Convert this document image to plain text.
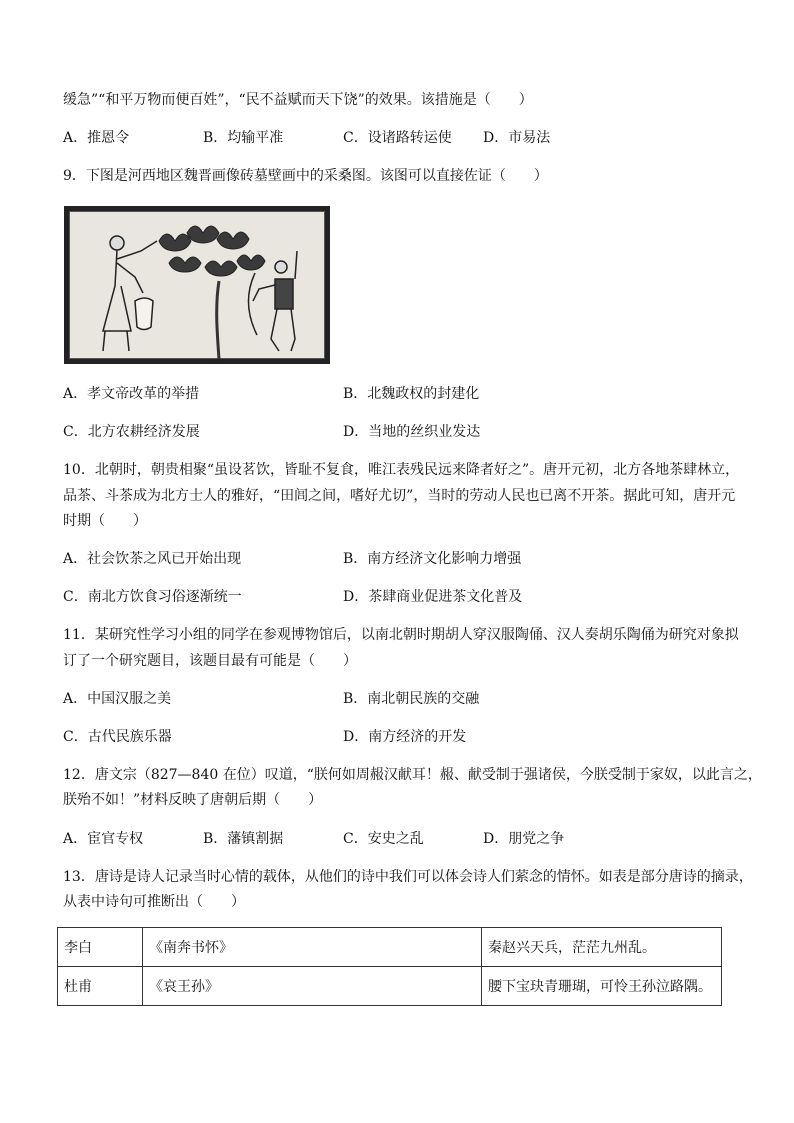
缓急”“和平万物而便百姓”，“民不益赋而天下饶”的效果。该措施是（　　）
A．推恩令	B．均输平准	C．设诸路转运使 D．市易法
9．下图是河西地区魏晋画像砖墓壁画中的采桑图。该图可以直接佐证（　　）
A．孝文帝改革的举措	B．北魏政权的封建化
C．北方农耕经济发展	D．当地的丝织业发达
10．北朝时，朝贵相聚“虽设茗饮，皆耻不复食，唯江表残民远来降者好之”。唐开元初，北方各地茶肆林立，
品茶、斗茶成为北方士人的雅好，“田闾之间，嗜好尤切”，当时的劳动人民也已离不开茶。据此可知，唐开元
时期（　　）
A．社会饮茶之风已开始出现	B．南方经济文化影响力增强
C．南北方饮食习俗逐渐统一	D．茶肆商业促进茶文化普及
11．某研究性学习小组的同学在参观博物馆后，以南北朝时期胡人穿汉服陶俑、汉人奏胡乐陶俑为研究对象拟
订了一个研究题目，该题目最有可能是（　　）
A．中国汉服之美	B．南北朝民族的交融
C．古代民族乐器	D．南方经济的开发
12．唐文宗（827—840 在位）叹道，“朕何如周赧汉献耳！赧、献受制于强诸侯，今朕受制于家奴，以此言之，
朕殆不如！”材料反映了唐朝后期（　　）
A．宦官专权	B．藩镇割据	C．安史之乱	D．朋党之争
13．唐诗是诗人记录当时心情的载体，从他们的诗中我们可以体会诗人们萦念的情怀。如表是部分唐诗的摘录，
从表中诗句可推断出（　　）
李白	《南奔书怀》	秦赵兴天兵，茫茫九州乱。
杜甫	《哀王孙》	腰下宝玦青珊瑚，可怜王孙泣路隅。
